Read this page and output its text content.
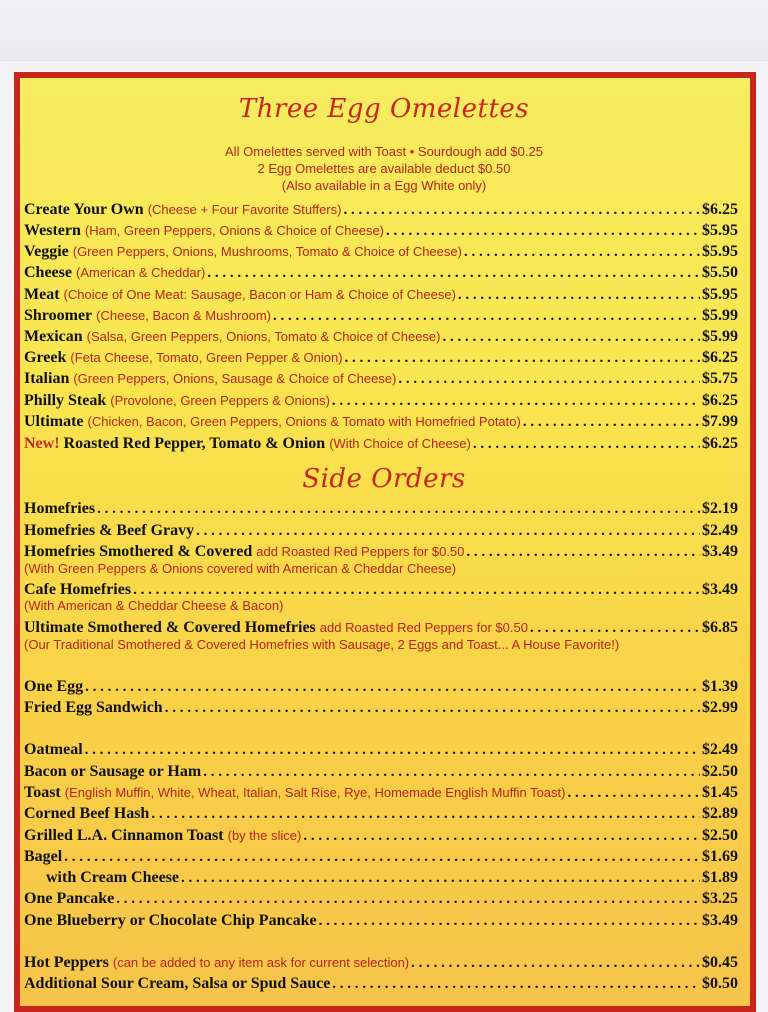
Three Egg Omelettes
All Omelettes served with Toast • Sourdough add $0.25
2 Egg Omelettes are available deduct $0.50
(Also available in a Egg White only)
Create Your Own (Cheese + Four Favorite Stuffers) . . .	$6.25
Western (Ham, Green Peppers, Onions & Choice of Cheese) . . .	$5.95
Veggie (Green Peppers, Onions, Mushrooms, Tomato & Choice of Cheese) . . .	$5.95
Cheese (American & Cheddar) . . .	$5.50
Meat (Choice of One Meat: Sausage, Bacon or Ham & Choice of Cheese) . . .	$5.95
Shroomer (Cheese, Bacon & Mushroom) . . .	$5.99
Mexican (Salsa, Green Peppers, Onions, Tomato & Choice of Cheese) . . .	$5.99
Greek (Feta Cheese, Tomato, Green Pepper & Onion) . . .	$6.25
Italian (Green Peppers, Onions, Sausage & Choice of Cheese) . . .	$5.75
Philly Steak (Provolone, Green Peppers & Onions) . . .	$6.25
Ultimate (Chicken, Bacon, Green Peppers, Onions & Tomato with Homefried Potato) . . .	$7.99
New! Roasted Red Pepper, Tomato & Onion (With Choice of Cheese) . . .	$6.25
Side Orders
Homefries . . .	$2.19
Homefries & Beef Gravy . . .	$2.49
Homefries Smothered & Covered add Roasted Red Peppers for $0.50 . . .	$3.49
(With Green Peppers & Onions covered with American & Cheddar Cheese)
Cafe Homefries . . .	$3.49
(With American & Cheddar Cheese & Bacon)
Ultimate Smothered & Covered Homefries add Roasted Red Peppers for $0.50 . . .	$6.85
(Our Traditional Smothered & Covered Homefries with Sausage, 2 Eggs and Toast... A House Favorite!)
One Egg . . .	$1.39
Fried Egg Sandwich . . .	$2.99
Oatmeal . . .	$2.49
Bacon or Sausage or Ham . . .	$2.50
Toast (English Muffin, White, Wheat, Italian, Salt Rise, Rye, Homemade English Muffin Toast) . . .	$1.45
Corned Beef Hash . . .	$2.89
Grilled L.A. Cinnamon Toast (by the slice) . . .	$2.50
Bagel . . .	$1.69
with Cream Cheese . . .	$1.89
One Pancake . . .	$3.25
One Blueberry or Chocolate Chip Pancake . . .	$3.49
Hot Peppers (can be added to any item ask for current selection) . . .	$0.45
Additional Sour Cream, Salsa or Spud Sauce . . .	$0.50
